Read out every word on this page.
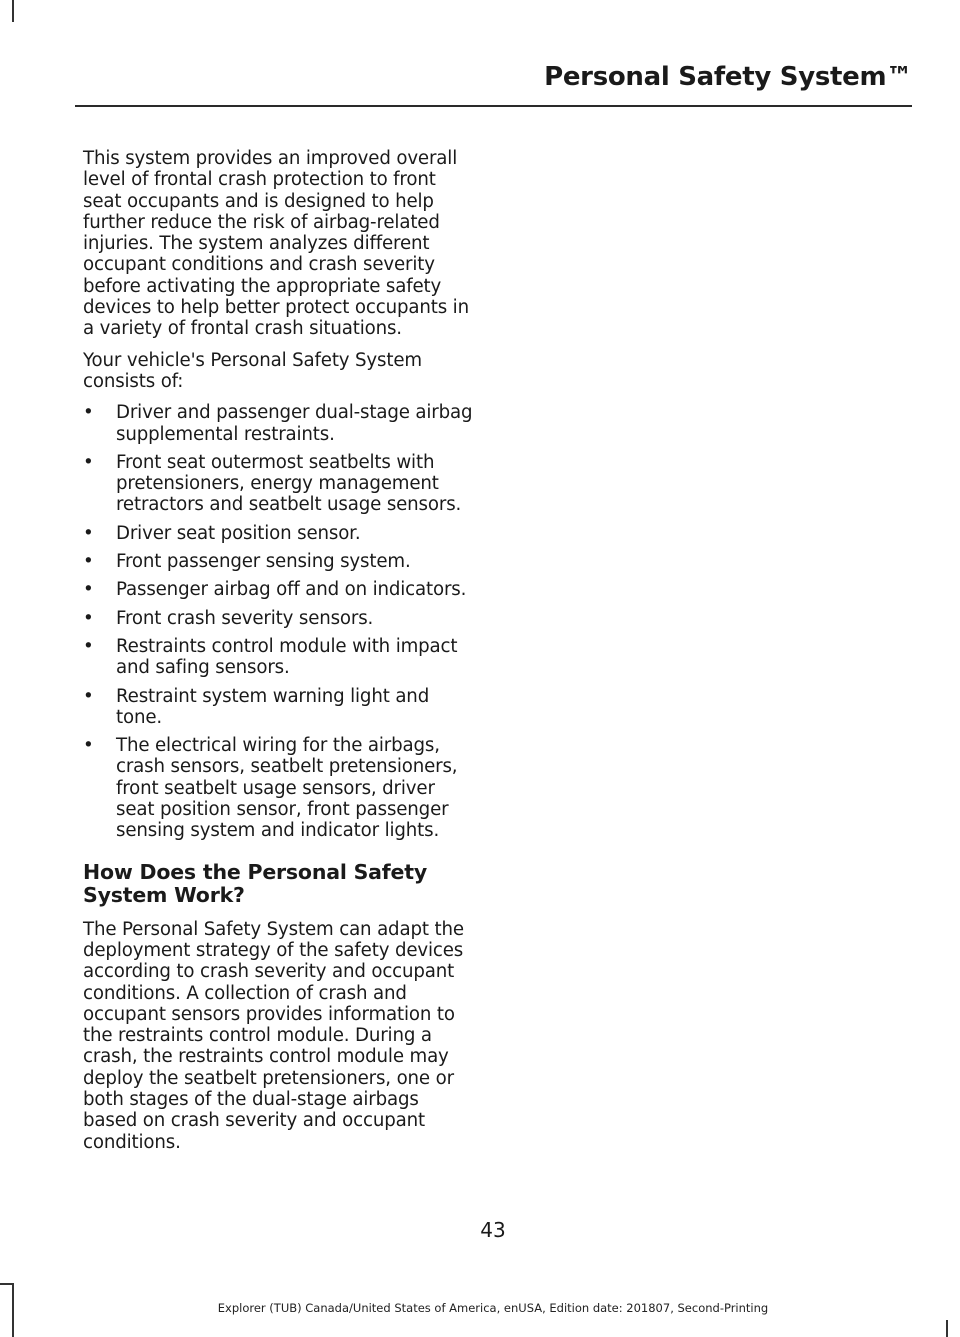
Personal Safety System™

This system provides an improved overall level of frontal crash protection to front seat occupants and is designed to help further reduce the risk of airbag-related injuries. The system analyzes different occupant conditions and crash severity before activating the appropriate safety devices to help better protect occupants in a variety of frontal crash situations.

Your vehicle's Personal Safety System consists of:

• Driver and passenger dual-stage airbag supplemental restraints.
• Front seat outermost seatbelts with pretensioners, energy management retractors and seatbelt usage sensors.
• Driver seat position sensor.
• Front passenger sensing system.
• Passenger airbag off and on indicators.
• Front crash severity sensors.
• Restraints control module with impact and safing sensors.
• Restraint system warning light and tone.
• The electrical wiring for the airbags, crash sensors, seatbelt pretensioners, front seatbelt usage sensors, driver seat position sensor, front passenger sensing system and indicator lights.
How Does the Personal Safety System Work?

The Personal Safety System can adapt the deployment strategy of the safety devices according to crash severity and occupant conditions. A collection of crash and occupant sensors provides information to the restraints control module. During a crash, the restraints control module may deploy the seatbelt pretensioners, one or both stages of the dual-stage airbags based on crash severity and occupant conditions.

43
Explorer (TUB) Canada/United States of America, enUSA, Edition date: 201807, Second-Printing
